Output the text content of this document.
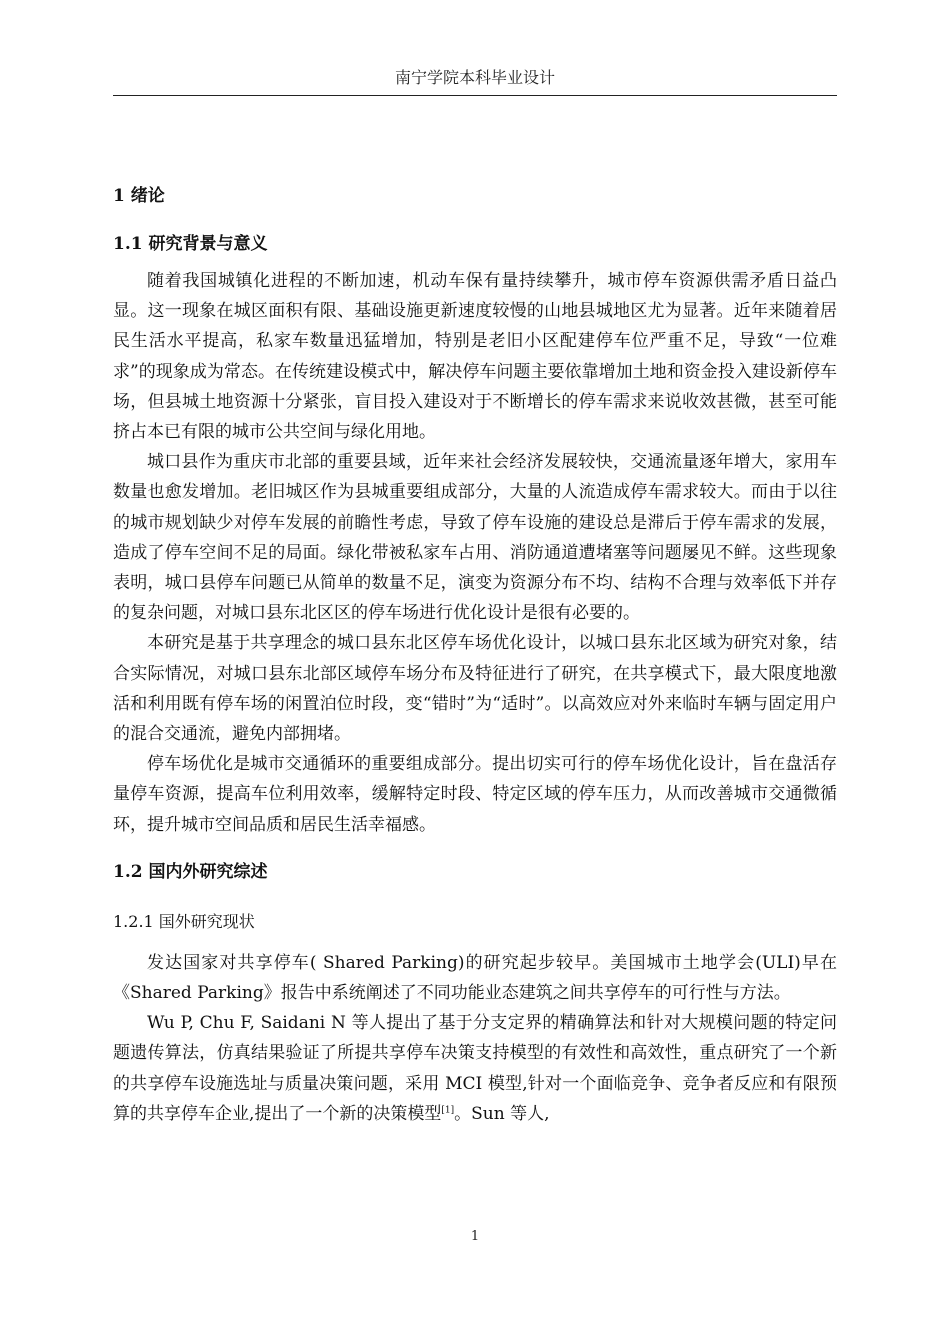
南宁学院本科毕业设计
1 绪论
1.1 研究背景与意义

随着我国城镇化进程的不断加速，机动车保有量持续攀升，城市停车资源供需矛盾日益凸显。这一现象在城区面积有限、基础设施更新速度较慢的山地县城地区尤为显著。近年来随着居民生活水平提高，私家车数量迅猛增加，特别是老旧小区配建停车位严重不足，导致“一位难求”的现象成为常态。在传统建设模式中，解决停车问题主要依靠增加土地和资金投入建设新停车场，但县城土地资源十分紧张，盲目投入建设对于不断增长的停车需求来说收效甚微，甚至可能挤占本已有限的城市公共空间与绿化用地。

城口县作为重庆市北部的重要县域，近年来社会经济发展较快，交通流量逐年增大，家用车数量也愈发增加。老旧城区作为县城重要组成部分，大量的人流造成停车需求较大。而由于以往的城市规划缺少对停车发展的前瞻性考虑，导致了停车设施的建设总是滞后于停车需求的发展，造成了停车空间不足的局面。绿化带被私家车占用、消防通道遭堵塞等问题屡见不鲜。这些现象表明，城口县停车问题已从简单的数量不足，演变为资源分布不均、结构不合理与效率低下并存的复杂问题，对城口县东北区区的停车场进行优化设计是很有必要的。

本研究是基于共享理念的城口县东北区停车场优化设计，以城口县东北区域为研究对象，结合实际情况，对城口县东北部区域停车场分布及特征进行了研究，在共享模式下，最大限度地激活和利用既有停车场的闲置泊位时段，变“错时”为“适时”。以高效应对外来临时车辆与固定用户的混合交通流，避免内部拥堵。

停车场优化是城市交通循环的重要组成部分。提出切实可行的停车场优化设计，旨在盘活存量停车资源，提高车位利用效率，缓解特定时段、特定区域的停车压力，从而改善城市交通微循环，提升城市空间品质和居民生活幸福感。

1.2 国内外研究综述
1.2.1 国外研究现状

发达国家对共享停车( Shared Parking)的研究起步较早。美国城市土地学会(ULI)早在《Shared Parking》报告中系统阐述了不同功能业态建筑之间共享停车的可行性与方法。

Wu P, Chu F, Saidani N 等人提出了基于分支定界的精确算法和针对大规模问题的特定问题遗传算法，仿真结果验证了所提共享停车决策支持模型的有效性和高效性，重点研究了一个新的共享停车设施选址与质量决策问题，采用 MCI 模型,针对一个面临竞争、竞争者反应和有限预算的共享停车企业,提出了一个新的决策模型[1]。Sun 等人,

1
